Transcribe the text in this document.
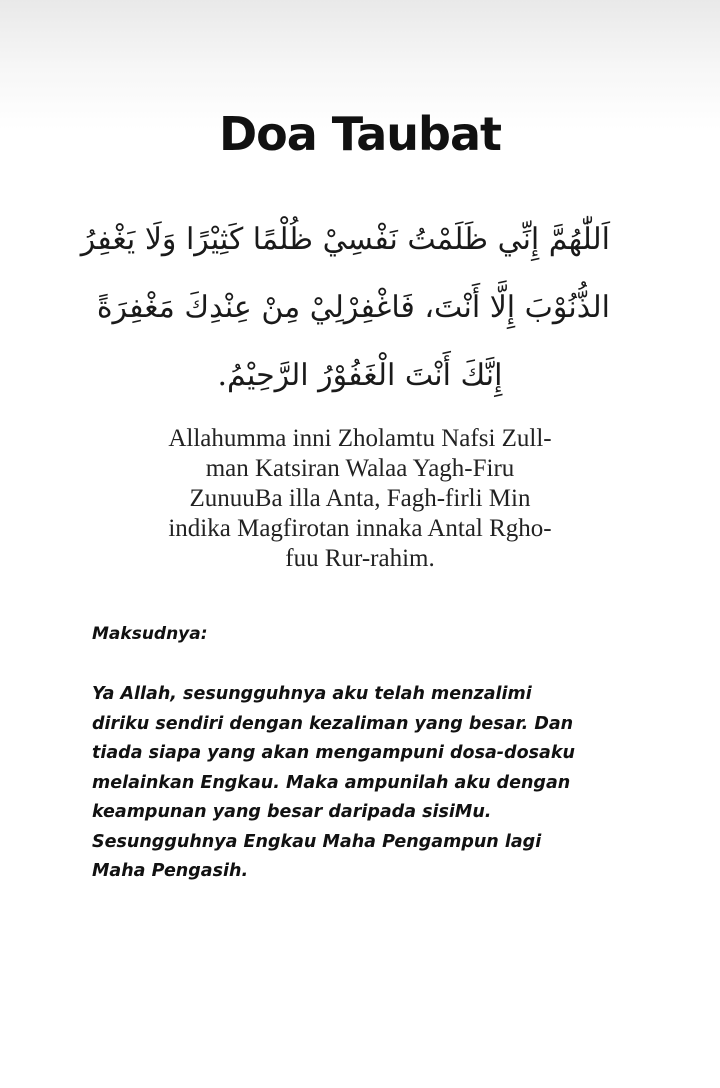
Doa Taubat
اَللّٰهُمَّ إِنِّي ظَلَمْتُ نَفْسِيْ ظُلْمًا كَثِيْرًا وَلَا يَغْفِرُ
الذُّنُوْبَ إِلَّا أَنْتَ، فَاغْفِرْلِيْ مِنْ عِنْدِكَ مَغْفِرَةً
إِنَّكَ أَنْتَ الْغَفُوْرُ الرَّحِيْمُ.
Allahumma inni Zholamtu Nafsi Zull-
man Katsiran Walaa Yagh-Firu
ZunuuBa illa Anta, Fagh-firli Min
indika Magfirotan innaka Antal Rgho-
fuu Rur-rahim.
Maksudnya:
Ya Allah, sesungguhnya aku telah menzalimi
diriku sendiri dengan kezaliman yang besar. Dan
tiada siapa yang akan mengampuni dosa-dosaku
melainkan Engkau. Maka ampunilah aku dengan
keampunan yang besar daripada sisiMu.
Sesungguhnya Engkau Maha Pengampun lagi
Maha Pengasih.
